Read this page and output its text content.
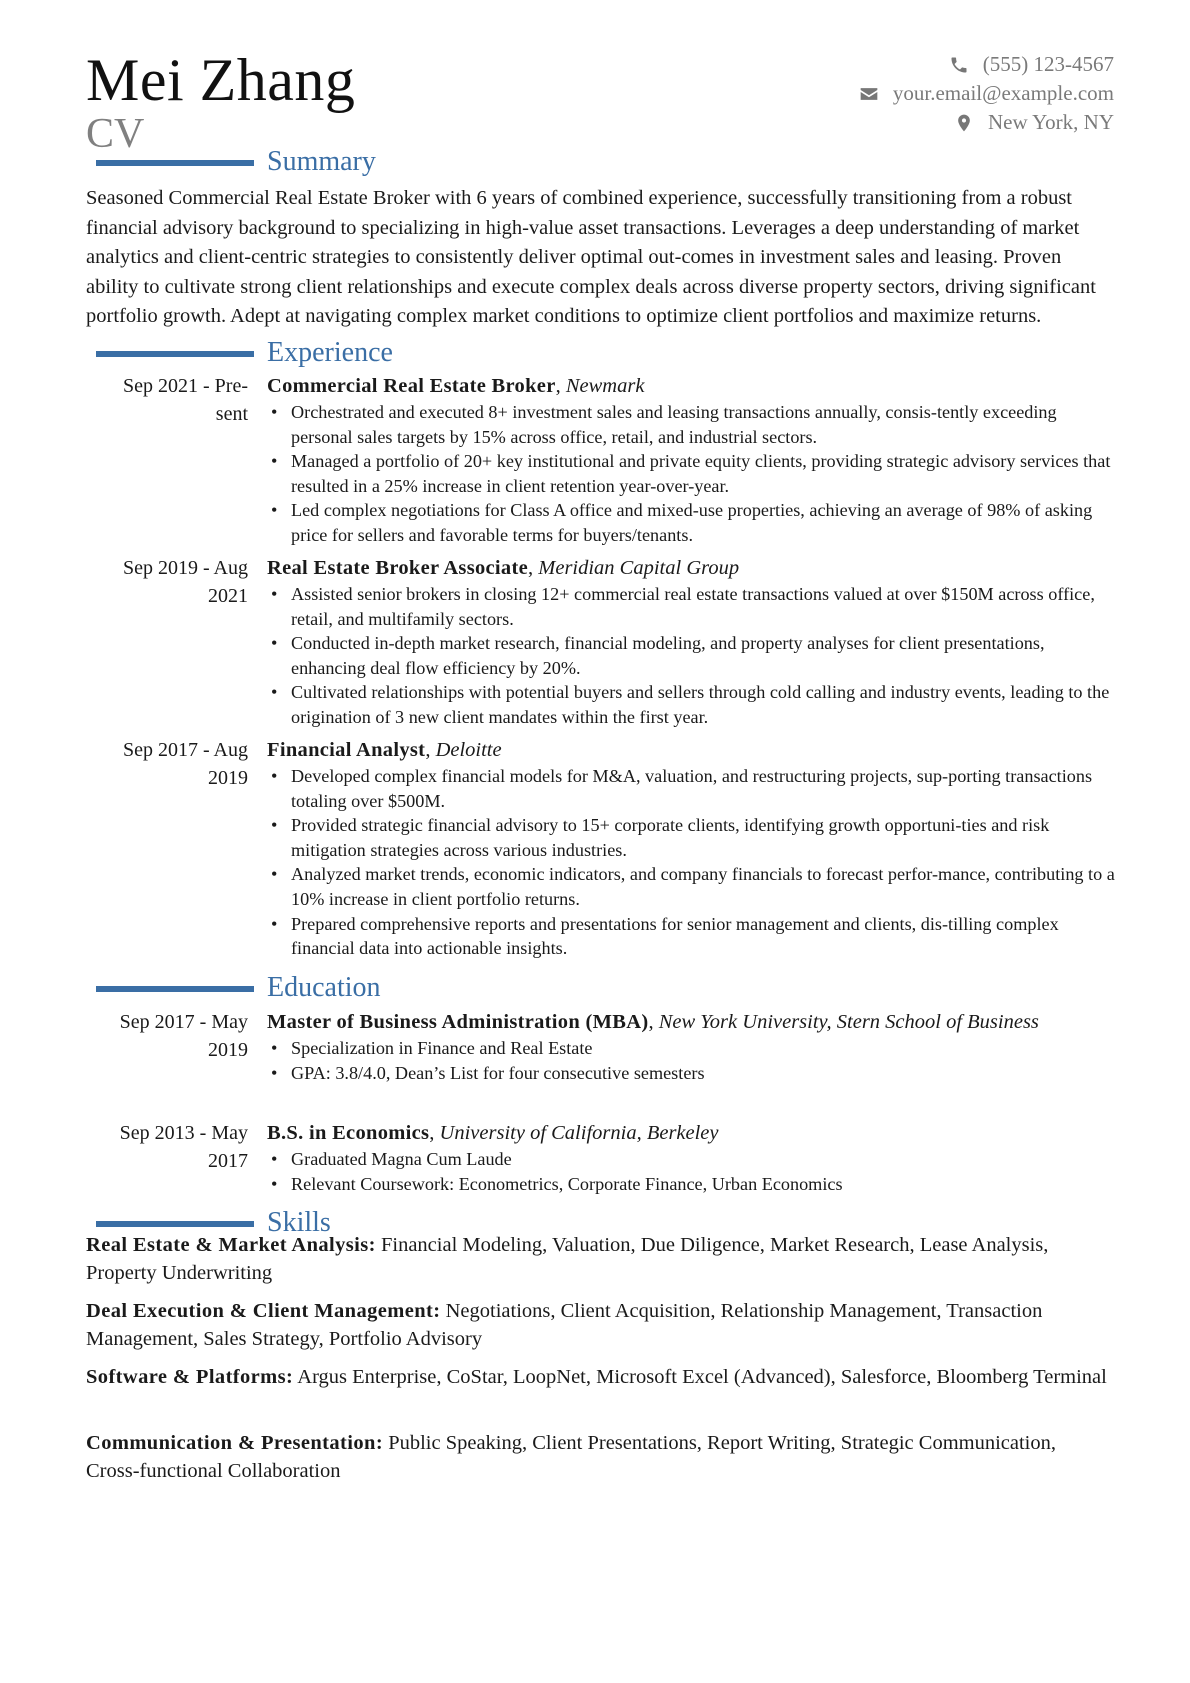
Mei Zhang
CV
(555) 123-4567
your.email@example.com
New York, NY
Summary
Seasoned Commercial Real Estate Broker with 6 years of combined experience, successfully transitioning from a robust financial advisory background to specializing in high-value asset transactions. Leverages a deep understanding of market analytics and client-centric strategies to consistently deliver optimal out-comes in investment sales and leasing. Proven ability to cultivate strong client relationships and execute complex deals across diverse property sectors, driving significant portfolio growth. Adept at navigating complex market conditions to optimize client portfolios and maximize returns.
Experience
Sep 2021 - Pre-
sent
Commercial Real Estate Broker, Newmark
• Orchestrated and executed 8+ investment sales and leasing transactions annually, consis-tently exceeding personal sales targets by 15% across office, retail, and industrial sectors.
• Managed a portfolio of 20+ key institutional and private equity clients, providing strategic advisory services that resulted in a 25% increase in client retention year-over-year.
• Led complex negotiations for Class A office and mixed-use properties, achieving an average of 98% of asking price for sellers and favorable terms for buyers/tenants.
Sep 2019 - Aug
2021
Real Estate Broker Associate, Meridian Capital Group
• Assisted senior brokers in closing 12+ commercial real estate transactions valued at over $150M across office, retail, and multifamily sectors.
• Conducted in-depth market research, financial modeling, and property analyses for client presentations, enhancing deal flow efficiency by 20%.
• Cultivated relationships with potential buyers and sellers through cold calling and industry events, leading to the origination of 3 new client mandates within the first year.
Sep 2017 - Aug
2019
Financial Analyst, Deloitte
• Developed complex financial models for M&A, valuation, and restructuring projects, sup-porting transactions totaling over $500M.
• Provided strategic financial advisory to 15+ corporate clients, identifying growth opportuni-ties and risk mitigation strategies across various industries.
• Analyzed market trends, economic indicators, and company financials to forecast perfor-mance, contributing to a 10% increase in client portfolio returns.
• Prepared comprehensive reports and presentations for senior management and clients, dis-tilling complex financial data into actionable insights.
Education
Sep 2017 - May
2019
Master of Business Administration (MBA), New York University, Stern School of Business
• Specialization in Finance and Real Estate
• GPA: 3.8/4.0, Dean’s List for four consecutive semesters
Sep 2013 - May
2017
B.S. in Economics, University of California, Berkeley
• Graduated Magna Cum Laude
• Relevant Coursework: Econometrics, Corporate Finance, Urban Economics
Skills
Real Estate & Market Analysis: Financial Modeling, Valuation, Due Diligence, Market Research, Lease Analysis, Property Underwriting
Deal Execution & Client Management: Negotiations, Client Acquisition, Relationship Management, Transaction Management, Sales Strategy, Portfolio Advisory
Software & Platforms: Argus Enterprise, CoStar, LoopNet, Microsoft Excel (Advanced), Salesforce, Bloomberg Terminal
Communication & Presentation: Public Speaking, Client Presentations, Report Writing, Strategic Communication, Cross-functional Collaboration
